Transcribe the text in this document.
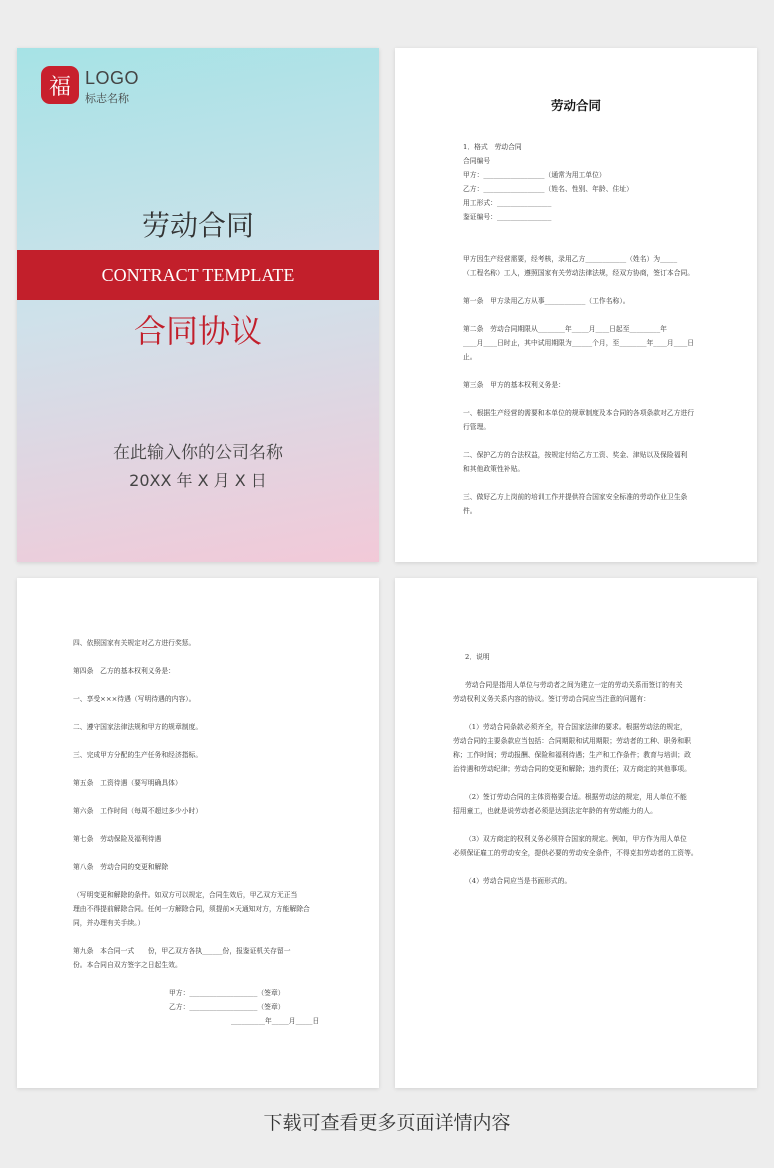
福 LOGO
标志名称
劳动合同
CONTRACT TEMPLATE
合同协议
在此输入你的公司名称
20XX 年 X 月 X 日
劳动合同
1．格式　劳动合同
合同编号
甲方：__________________（通常为用工单位）
乙方：__________________（姓名、性别、年龄、住址）
用工形式：________________
鉴证编号：________________
甲方因生产经营需要，经考核，录用乙方____________（姓名）为_____
（工程名称）工人，遵照国家有关劳动法律法规，经双方协商，签订本合同。
第一条　甲方录用乙方从事____________（工作名称）。
第二条　劳动合同期限从________年_____月____日起至_________年
____月____日时止，其中试用期限为______个月，至________年____月____日
止。
第三条　甲方的基本权利义务是：
一、根据生产经营的需要和本单位的规章制度及本合同的各项条款对乙方进行
行管理。
二、保护乙方的合法权益，按规定付给乙方工资、奖金、津贴以及保险福利
和其他政策性补贴。
三、做好乙方上岗前的培训工作并提供符合国家安全标准的劳动作业卫生条
件。
四、依照国家有关规定对乙方进行奖惩。
第四条　乙方的基本权利义务是：
一、享受×××待遇（写明待遇的内容）。
二、遵守国家法律法规和甲方的规章制度。
三、完成甲方分配的生产任务和经济指标。
第五条　工资待遇（要写明确具体）
第六条　工作时间（每周不超过多少小时）
第七条　劳动保险及福利待遇
第八条　劳动合同的变更和解除
（写明变更和解除的条件。如双方可以规定，合同生效后，甲乙双方无正当
理由不得提前解除合同。任何一方解除合同，须提前×天通知对方，方能解除合
同，并办理有关手续。）
第九条　本合同一式　　份，甲乙双方各执______份，报鉴证机关存留一
份。本合同自双方签字之日起生效。
甲方：____________________（签章）
乙方：____________________（签章）
__________年_____月_____日
2．说明
劳动合同是指用人单位与劳动者之间为建立一定的劳动关系而签订的有关
劳动权利义务关系内容的协议。签订劳动合同应当注意的问题有：
（1）劳动合同条款必须齐全，符合国家法律的要求。根据劳动法的规定，
劳动合同的主要条款应当包括：合同期限和试用期限；劳动者的工种、职务和职
称；工作时间；劳动报酬、保险和福利待遇；生产和工作条件；教育与培训；政
治待遇和劳动纪律；劳动合同的变更和解除；违约责任；双方商定的其他事项。
（2）签订劳动合同的主体资格要合适。根据劳动法的规定，用人单位不能
招用童工，也就是说劳动者必须是达到法定年龄的有劳动能力的人。
（3）双方商定的权利义务必须符合国家的规定。例如，甲方作为用人单位
必须保证雇工的劳动安全，提供必要的劳动安全条件，不得克扣劳动者的工资等。
（4）劳动合同应当是书面形式的。
下载可查看更多页面详情内容
